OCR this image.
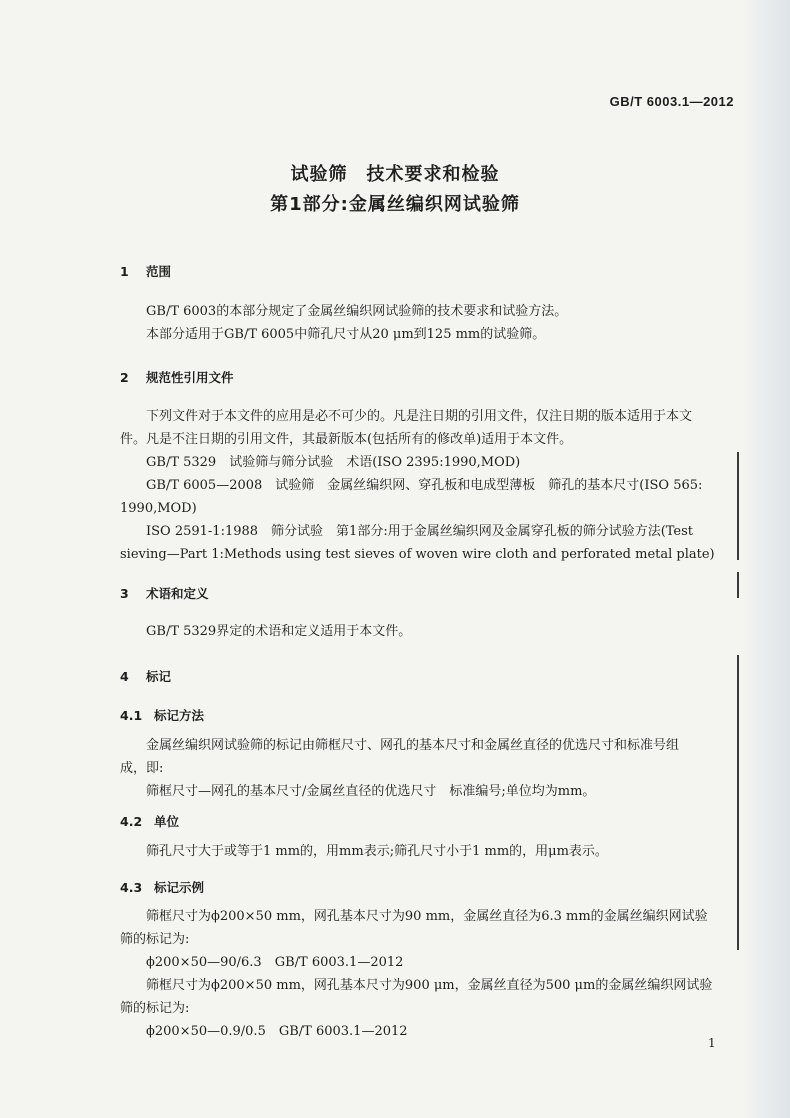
GB/T 6003.1—2012
试验筛　技术要求和检验
第1部分:金属丝编织网试验筛
1 范围
GB/T 6003的本部分规定了金属丝编织网试验筛的技术要求和试验方法。
本部分适用于GB/T 6005中筛孔尺寸从20 μm到125 mm的试验筛。
2 规范性引用文件
下列文件对于本文件的应用是必不可少的。凡是注日期的引用文件，仅注日期的版本适用于本文
件。凡是不注日期的引用文件，其最新版本(包括所有的修改单)适用于本文件。
GB/T 5329　试验筛与筛分试验　术语(ISO 2395:1990,MOD)
GB/T 6005—2008　试验筛　金属丝编织网、穿孔板和电成型薄板　筛孔的基本尺寸(ISO 565:
1990,MOD)
ISO 2591-1:1988　筛分试验　第1部分:用于金属丝编织网及金属穿孔板的筛分试验方法(Test
sieving—Part 1:Methods using test sieves of woven wire cloth and perforated metal plate)
3 术语和定义
GB/T 5329界定的术语和定义适用于本文件。
4 标记
4.1 标记方法
金属丝编织网试验筛的标记由筛框尺寸、网孔的基本尺寸和金属丝直径的优选尺寸和标准号组
成，即:
筛框尺寸—网孔的基本尺寸/金属丝直径的优选尺寸　标准编号;单位均为mm。
4.2 单位
筛孔尺寸大于或等于1 mm的，用mm表示;筛孔尺寸小于1 mm的，用μm表示。
4.3 标记示例
筛框尺寸为ϕ200×50 mm，网孔基本尺寸为90 mm，金属丝直径为6.3 mm的金属丝编织网试验
筛的标记为:
ϕ200×50—90/6.3　GB/T 6003.1—2012
筛框尺寸为ϕ200×50 mm，网孔基本尺寸为900 μm，金属丝直径为500 μm的金属丝编织网试验
筛的标记为:
ϕ200×50—0.9/0.5　GB/T 6003.1—2012
1
